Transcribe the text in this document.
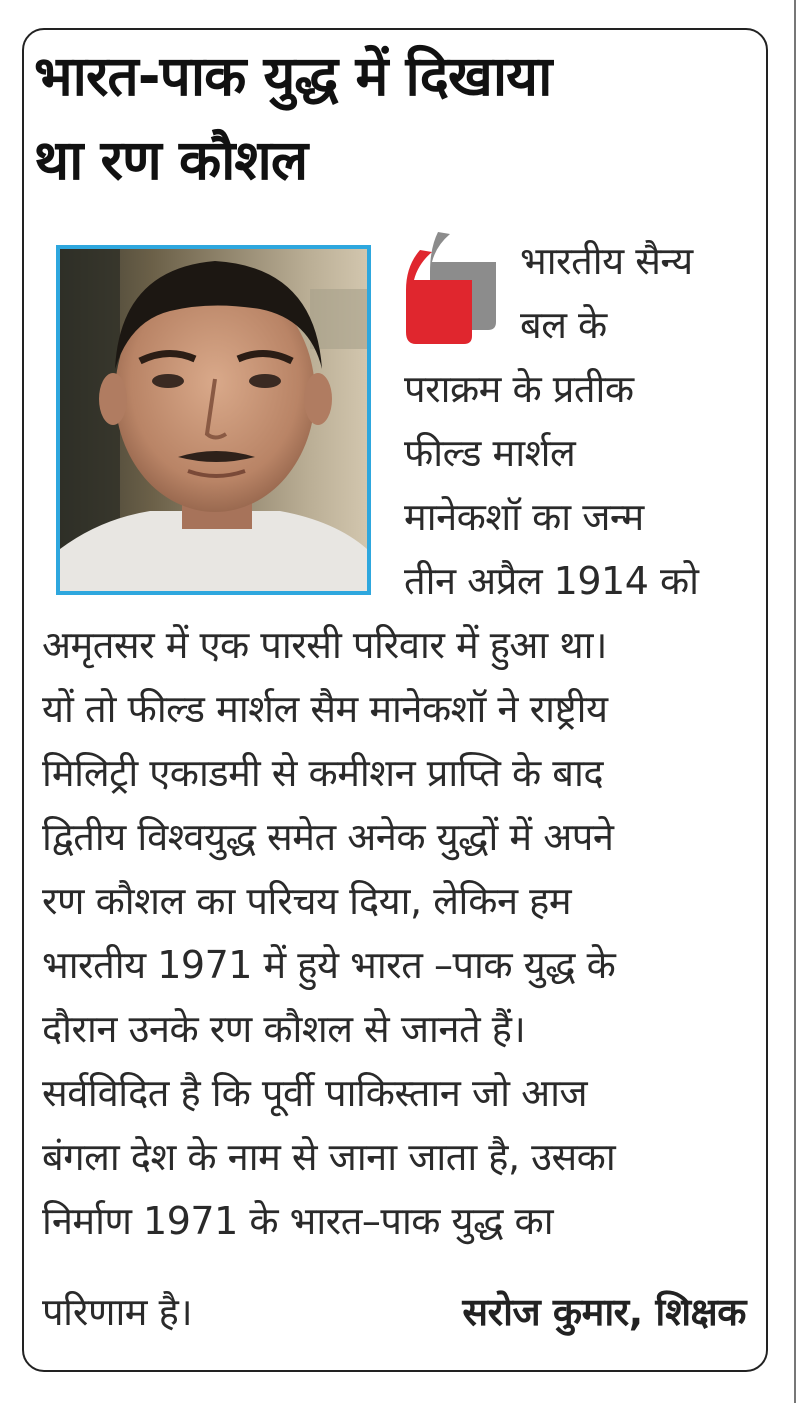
भारत-पाक युद्ध में दिखाया
था रण कौशल

भारतीय सैन्य

बल के

पराक्रम के प्रतीक

फील्ड मार्शल

मानेकशॉ का जन्म

तीन अप्रैल 1914 को

अमृतसर में एक पारसी परिवार में हुआ था।

यों तो फील्ड मार्शल सैम मानेकशॉ ने राष्ट्रीय

मिलिट्री एकाडमी से कमीशन प्राप्ति के बाद

द्वितीय विश्वयुद्ध समेत अनेक युद्धों में अपने

रण कौशल का परिचय दिया, लेकिन हम

भारतीय 1971 में हुये भारत –पाक युद्ध के

दौरान उनके रण कौशल से जानते हैं।

सर्वविदित है कि पूर्वी पाकिस्तान जो आज

बंगला देश के नाम से जाना जाता है, उसका

निर्माण 1971 के भारत–पाक युद्ध का

परिणाम है।	सरोज कुमार, शिक्षक
